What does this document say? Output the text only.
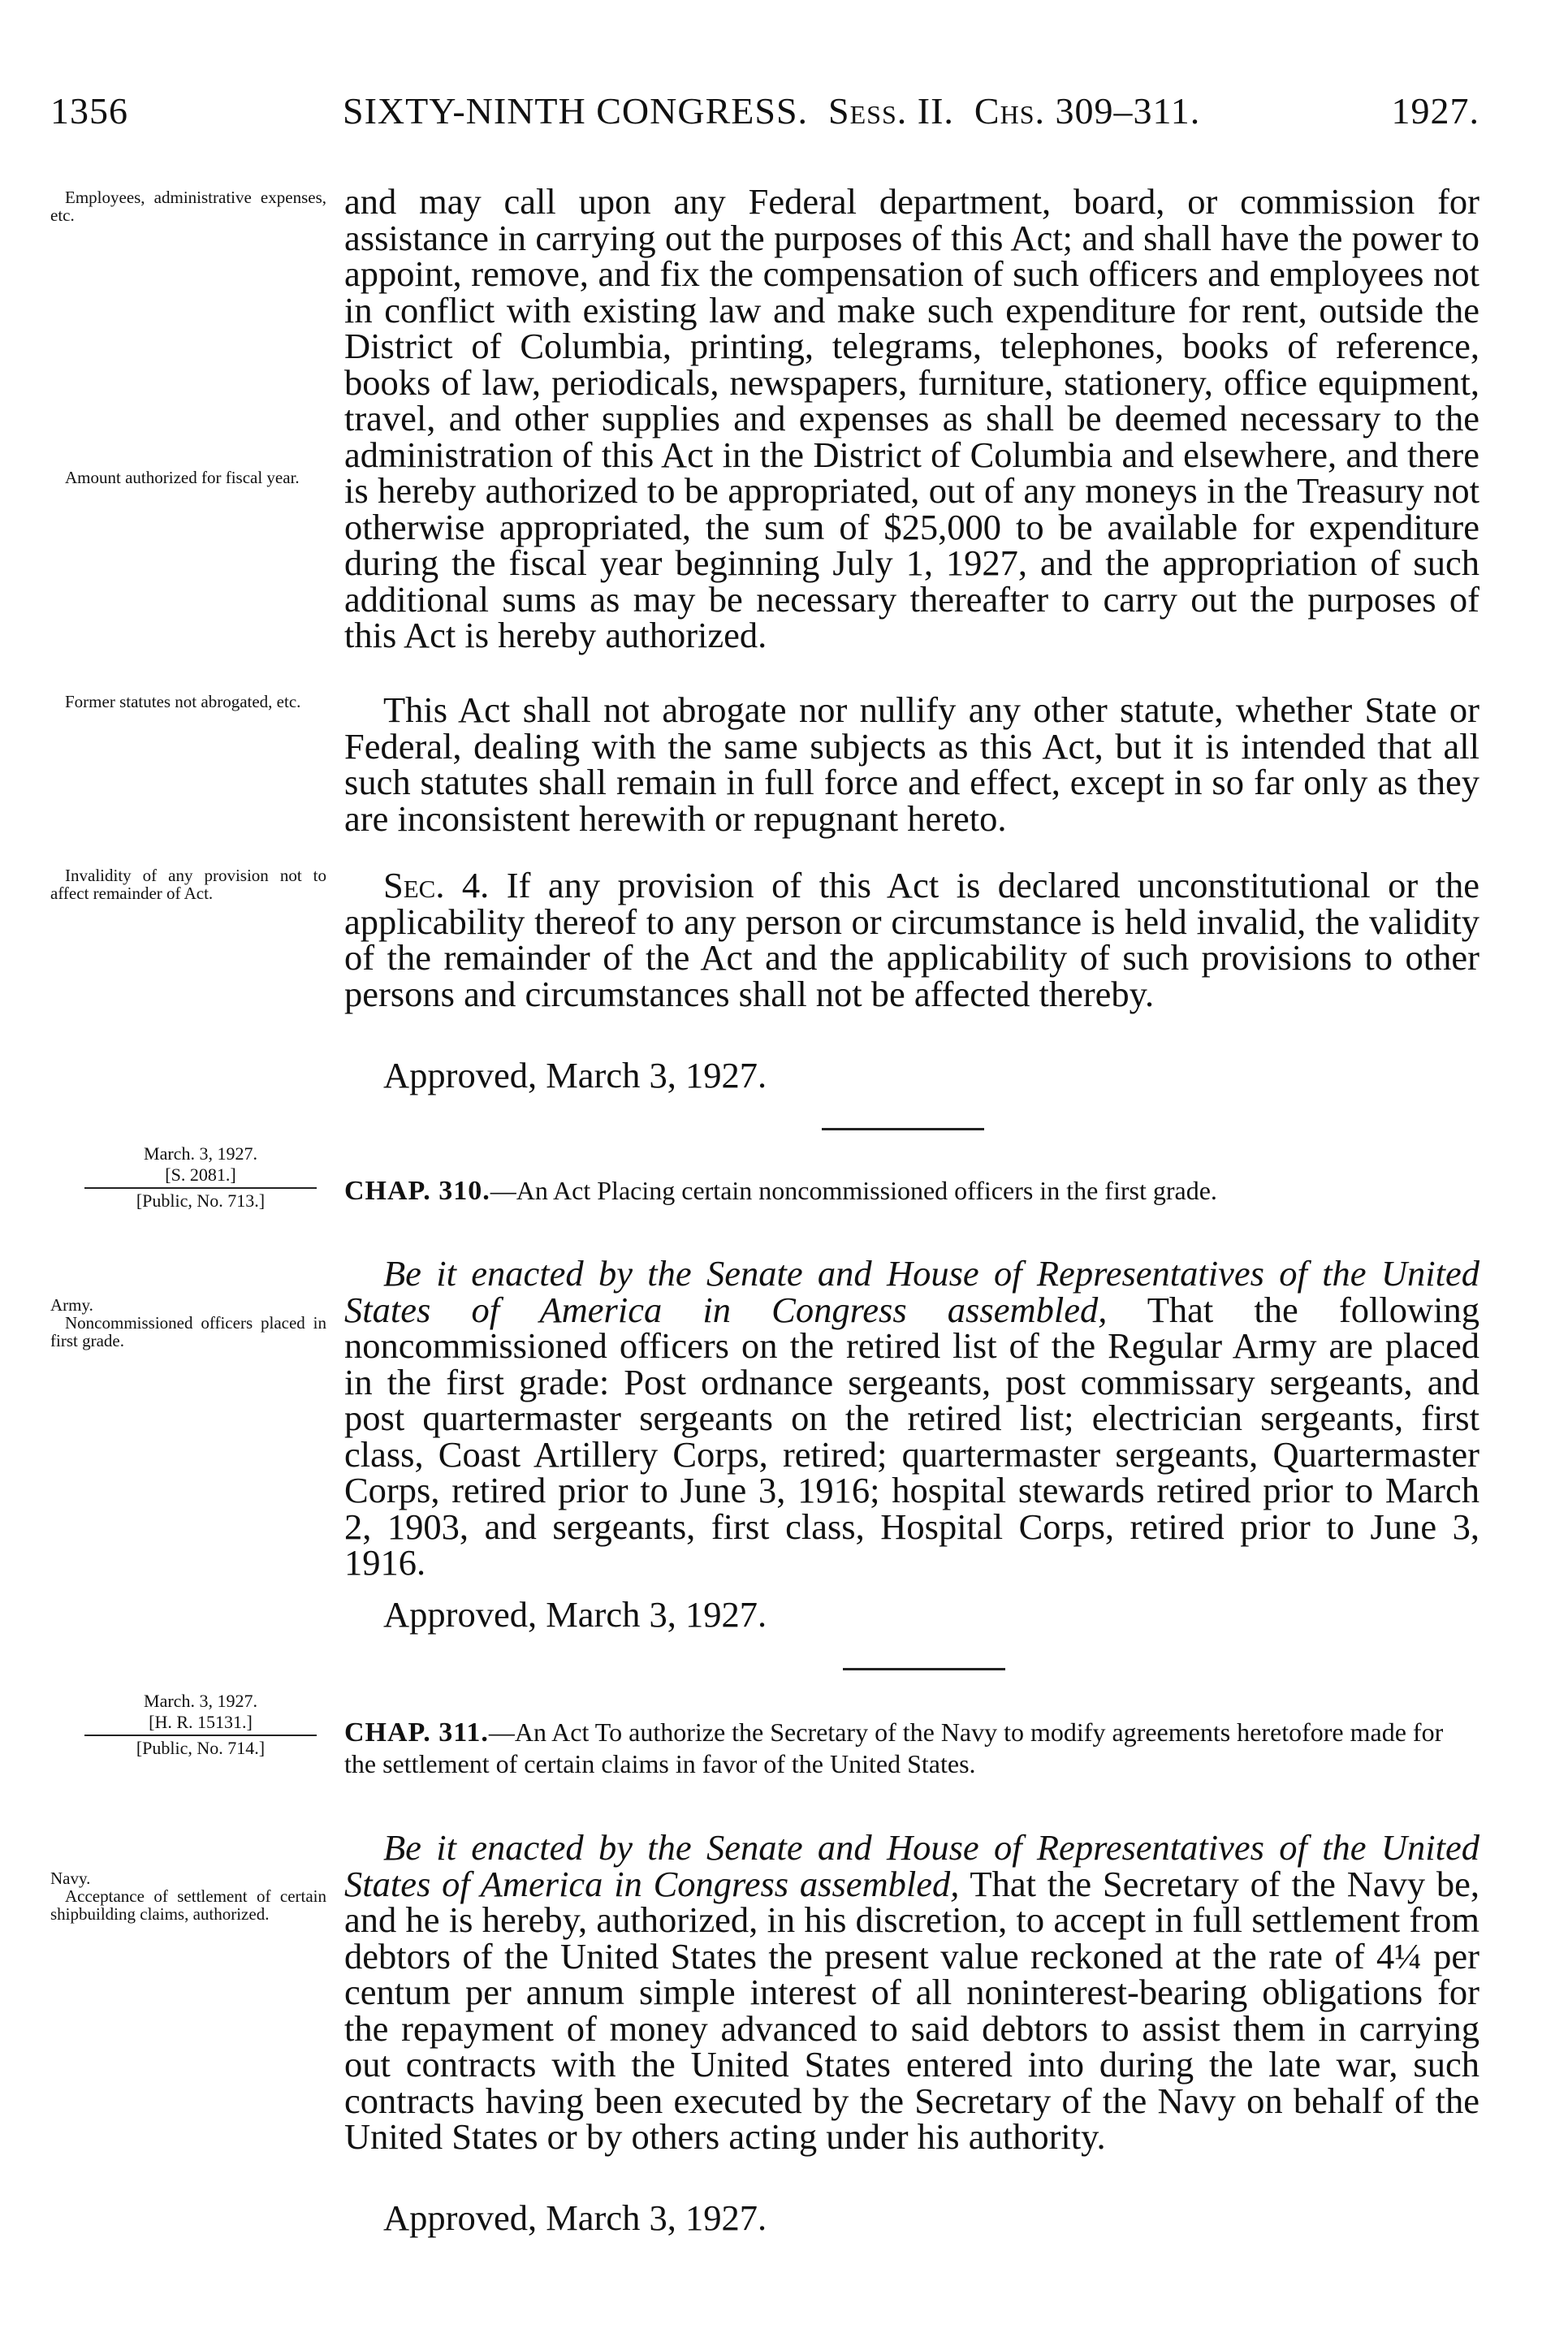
1356	SIXTY-NINTH CONGRESS. Sess. II. Chs. 309–311.	1927.

Employees, administrative expenses, etc.

Amount authorized for fiscal year.

Former statutes not abrogated, etc.

Invalidity of any provision not to affect remainder of Act.

and may call upon any Federal department, board, or commission for assistance in carrying out the purposes of this Act; and shall have the power to appoint, remove, and fix the compensation of such officers and employees not in conflict with existing law and make such expenditure for rent, outside the District of Columbia, printing, telegrams, telephones, books of reference, books of law, periodicals, newspapers, furniture, stationery, office equipment, travel, and other supplies and expenses as shall be deemed necessary to the administration of this Act in the District of Columbia and elsewhere, and there is hereby authorized to be appropriated, out of any moneys in the Treasury not otherwise appropriated, the sum of $25,000 to be available for expenditure during the fiscal year beginning July 1, 1927, and the appropriation of such additional sums as may be necessary thereafter to carry out the purposes of this Act is hereby authorized.

This Act shall not abrogate nor nullify any other statute, whether State or Federal, dealing with the same subjects as this Act, but it is intended that all such statutes shall remain in full force and effect, except in so far only as they are inconsistent herewith or repugnant hereto.

Sec. 4. If any provision of this Act is declared unconstitutional or the applicability thereof to any person or circumstance is held invalid, the validity of the remainder of the Act and the applicability of such provisions to other persons and circumstances shall not be affected thereby.

Approved, March 3, 1927.
March. 3, 1927.
[S. 2081.]
[Public, No. 713.]	CHAP. 310.—An Act Placing certain noncommissioned officers in the first grade.

Army.

Noncommissioned officers placed in first grade.

Be it enacted by the Senate and House of Representatives of the United States of America in Congress assembled, That the following noncommissioned officers on the retired list of the Regular Army are placed in the first grade: Post ordnance sergeants, post commissary sergeants, and post quartermaster sergeants on the retired list; electrician sergeants, first class, Coast Artillery Corps, retired; quartermaster sergeants, Quartermaster Corps, retired prior to June 3, 1916; hospital stewards retired prior to March 2, 1903, and sergeants, first class, Hospital Corps, retired prior to June 3, 1916.

Approved, March 3, 1927.
March. 3, 1927.
[H. R. 15131.]
[Public, No. 714.]
CHAP. 311.—An Act To authorize the Secretary of the Navy to modify agreements heretofore made for the settlement of certain claims in favor of the United States.

Navy.

Acceptance of settlement of certain shipbuilding claims, authorized.

Be it enacted by the Senate and House of Representatives of the United States of America in Congress assembled, That the Secretary of the Navy be, and he is hereby, authorized, in his discretion, to accept in full settlement from debtors of the United States the present value reckoned at the rate of 4¼ per centum per annum simple interest of all noninterest-bearing obligations for the repayment of money advanced to said debtors to assist them in carrying out contracts with the United States entered into during the late war, such contracts having been executed by the Secretary of the Navy on behalf of the United States or by others acting under his authority.

Approved, March 3, 1927.
